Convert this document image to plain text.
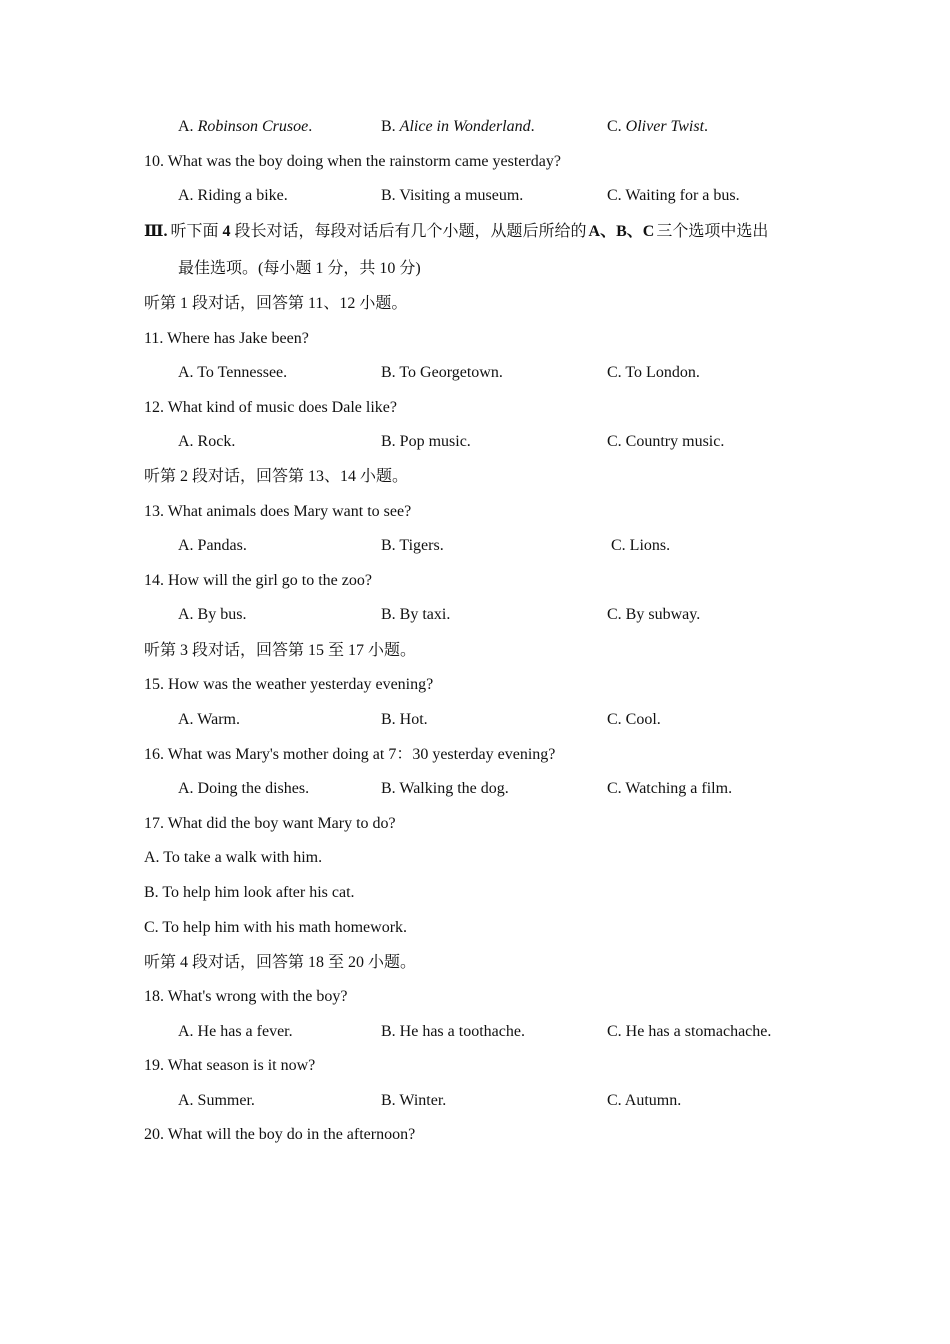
A. Robinson Crusoe.	B. Alice in Wonderland.	C. Oliver Twist.
10. What was the boy doing when the rainstorm came yesterday?
A. Riding a bike.	B. Visiting a museum.	C. Waiting for a bus.
Ⅲ. 听下面 4 段长对话，每段对话后有几个小题，从题后所给的 A、B、C 三个选项中选出
最佳选项。(每小题 1 分，共 10 分)
听第 1 段对话，回答第 11、12 小题。
11. Where has Jake been?
A. To Tennessee.	B. To Georgetown.	C. To London.
12. What kind of music does Dale like?
A. Rock.	B. Pop music.	C. Country music.
听第 2 段对话，回答第 13、14 小题。
13. What animals does Mary want to see?
A. Pandas.	B. Tigers.	C. Lions.
14. How will the girl go to the zoo?
A. By bus.	B. By taxi.	C. By subway.
听第 3 段对话，回答第 15 至 17 小题。
15. How was the weather yesterday evening?
A. Warm.	B. Hot.	C. Cool.
16. What was Mary's mother doing at 7：30 yesterday evening?
A. Doing the dishes.	B. Walking the dog.	C. Watching a film.
17. What did the boy want Mary to do?
A. To take a walk with him.
B. To help him look after his cat.
C. To help him with his math homework.
听第 4 段对话，回答第 18 至 20 小题。
18. What's wrong with the boy?
A. He has a fever.	B. He has a toothache.	C. He has a stomachache.
19. What season is it now?
A. Summer.	B. Winter.	C. Autumn.
20. What will the boy do in the afternoon?
